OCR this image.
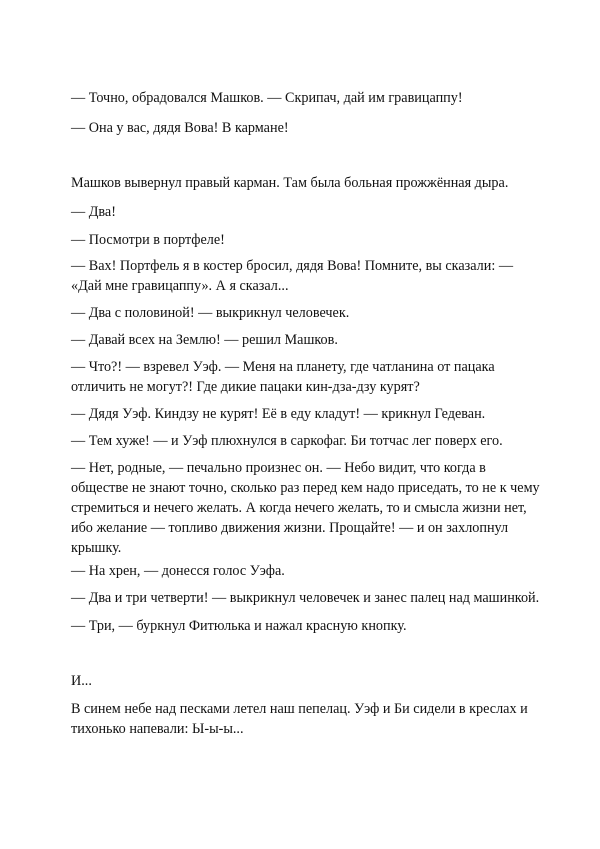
— Точно, обрадовался Машков. — Скрипач, дай им гравицаппу!

— Она у вас, дядя Вова! В кармане!

Машков вывернул правый карман. Там была больная прожжённая дыра.

— Два!

— Посмотри в портфеле!

— Вах! Портфель я в костер бросил, дядя Вова! Помните, вы сказали: —
«Дай мне гравицаппу». А я сказал...

— Два с половиной! — выкрикнул человечек.

— Давай всех на Землю! — решил Машков.

— Что?! — взревел Уэф. — Меня на планету, где чатланина от пацака
отличить не могут?! Где дикие пацаки кин-дза-дзу курят?

— Дядя Уэф. Киндзу не курят! Её в еду кладут! — крикнул Гедеван.

— Тем хуже! — и Уэф плюхнулся в саркофаг. Би тотчас лег поверх его.

— Нет, родные, — печально произнес он. — Небо видит, что когда в
обществе не знают точно, сколько раз перед кем надо приседать, то не к чему
стремиться и нечего желать. А когда нечего желать, то и смысла жизни нет,
ибо желание — топливо движения жизни. Прощайте! — и он захлопнул
крышку.

— На хрен, — донесся голос Уэфа.

— Два и три четверти! — выкрикнул человечек и занес палец над машинкой.

— Три, — буркнул Фитюлька и нажал красную кнопку.

И...

В синем небе над песками летел наш пепелац. Уэф и Би сидели в креслах и
тихонько напевали: Ы-ы-ы...
